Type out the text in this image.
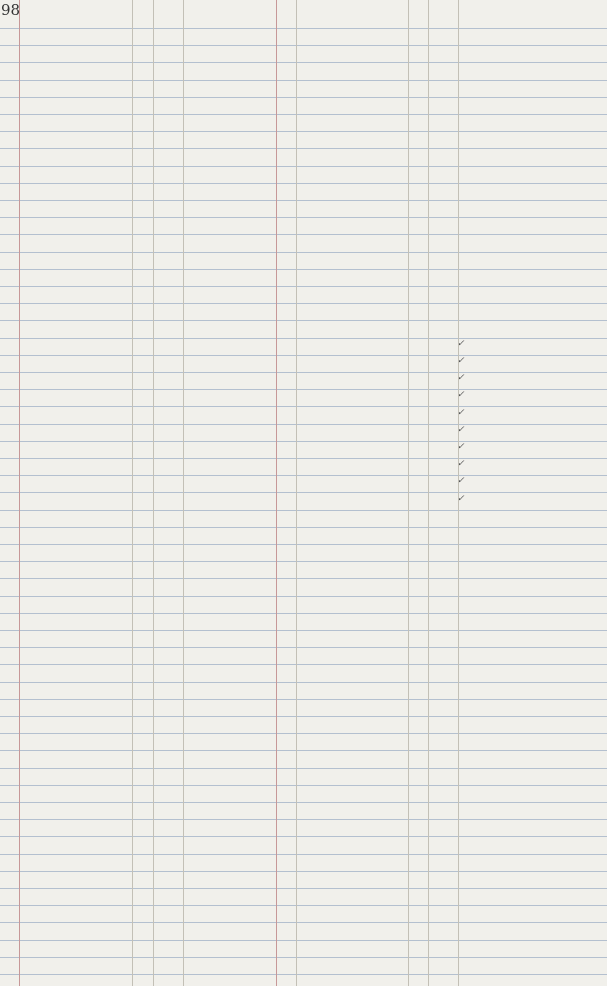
98
✓
✓
✓
✓
✓
✓
✓
✓
✓
✓
